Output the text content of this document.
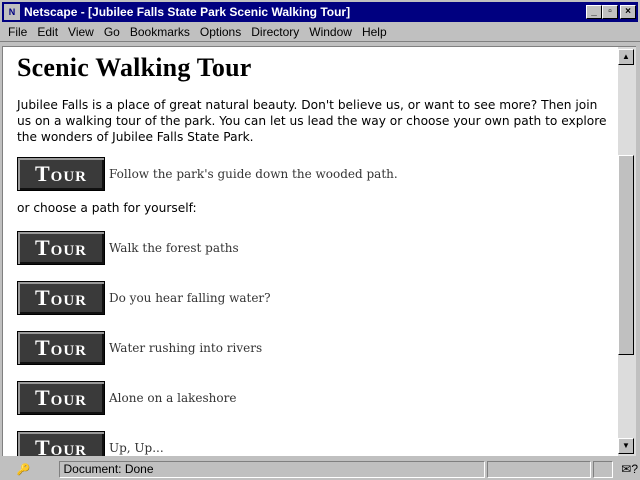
N Netscape - [Jubilee Falls State Park Scenic Walking Tour]	_	▫	×
File Edit View Go Bookmarks Options Directory Window Help
Scenic Walking Tour

Jubilee Falls is a place of great natural beauty. Don't believe us, or want to see more? Then join us on a walking tour of the park. You can let us lead the way or choose your own path to explore the wonders of Jubilee Falls State Park.

Tour Follow the park's guide down the wooded path.

or choose a path for yourself:

Tour Walk the forest paths
Tour Do you hear falling water?
Tour Water rushing into rivers
Tour Alone on a lakeshore
Tour Up, Up...
▲
▼
🔑	Document: Done	✉?
